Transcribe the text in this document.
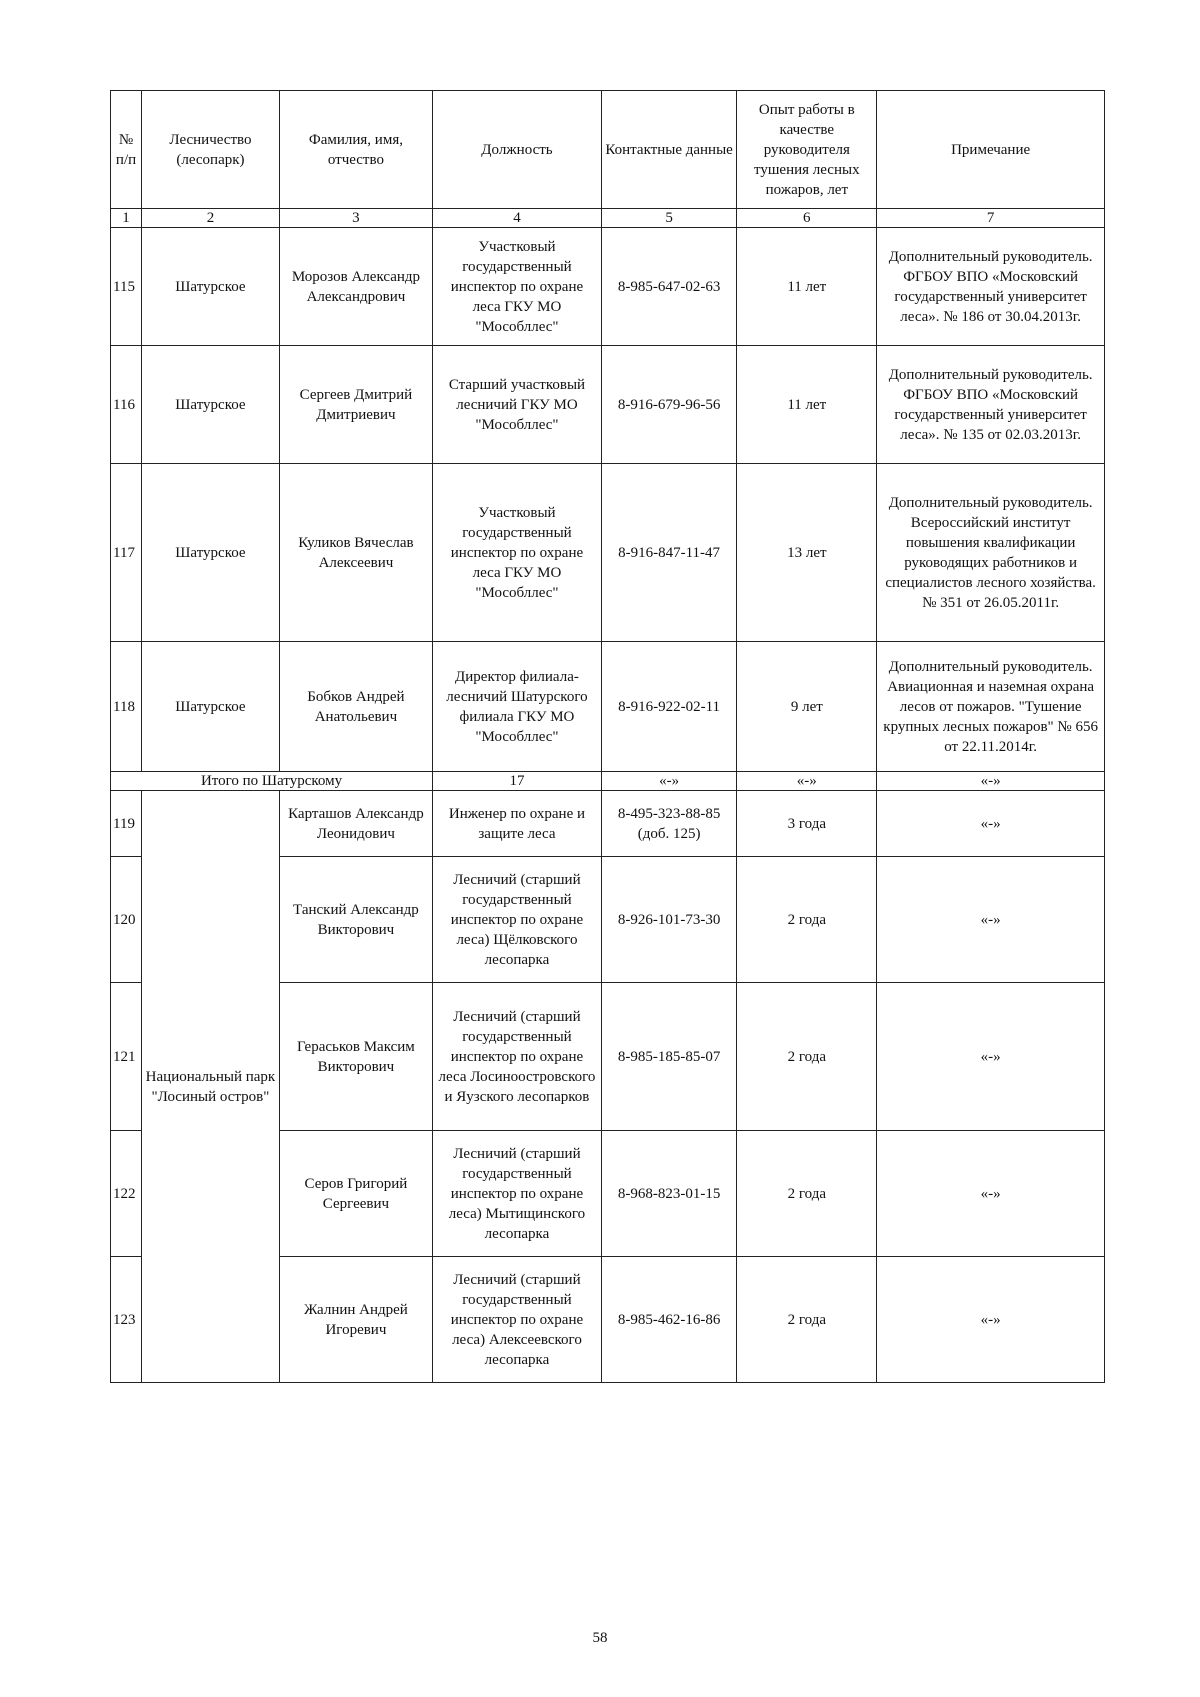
№ п/п	Лесничество (лесопарк)	Фамилия, имя, отчество	Должность	Контактные данные	Опыт работы в качестве руководителя тушения лесных пожаров, лет	Примечание
1	2	3	4	5	6	7
115	Шатурское	Морозов Александр Александрович	Участковый государственный инспектор по охране леса ГКУ МО "Мособллес"	8-985-647-02-63	11 лет	Дополнительный руководитель. ФГБОУ ВПО «Московский государственный университет леса». № 186 от 30.04.2013г.
116	Шатурское	Сергеев Дмитрий Дмитриевич	Старший участковый лесничий ГКУ МО "Мособллес"	8-916-679-96-56	11 лет	Дополнительный руководитель. ФГБОУ ВПО «Московский государственный университет леса». № 135 от 02.03.2013г.
117	Шатурское	Куликов Вячеслав Алексеевич	Участковый государственный инспектор по охране леса ГКУ МО "Мособллес"	8-916-847-11-47	13 лет	Дополнительный руководитель. Всероссийский институт повышения квалификации руководящих работников и специалистов лесного хозяйства. № 351 от 26.05.2011г.
118	Шатурское	Бобков Андрей Анатольевич	Директор филиала-лесничий Шатурского филиала ГКУ МО "Мособллес"	8-916-922-02-11	9 лет	Дополнительный руководитель. Авиационная и наземная охрана лесов от пожаров. "Тушение крупных лесных пожаров" № 656 от 22.11.2014г.
Итого по Шатурскому			17	«-»	«-»	«-»
119	Национальный парк "Лосиный остров"	Карташов Александр Леонидович	Инженер по охране и защите леса	8-495-323-88-85 (доб. 125)	3 года	«-»
120		Танский Александр Викторович	Лесничий (старший государственный инспектор по охране леса) Щёлковского лесопарка	8-926-101-73-30	2 года	«-»
121		Гераськов Максим Викторович	Лесничий (старший государственный инспектор по охране леса Лосиноостровского и Яузского лесопарков	8-985-185-85-07	2 года	«-»
122		Серов Григорий Сергеевич	Лесничий (старший государственный инспектор по охране леса) Мытищинского лесопарка	8-968-823-01-15	2 года	«-»
123		Жалнин Андрей Игоревич	Лесничий (старший государственный инспектор по охране леса) Алексеевского лесопарка	8-985-462-16-86	2 года	«-»
58
